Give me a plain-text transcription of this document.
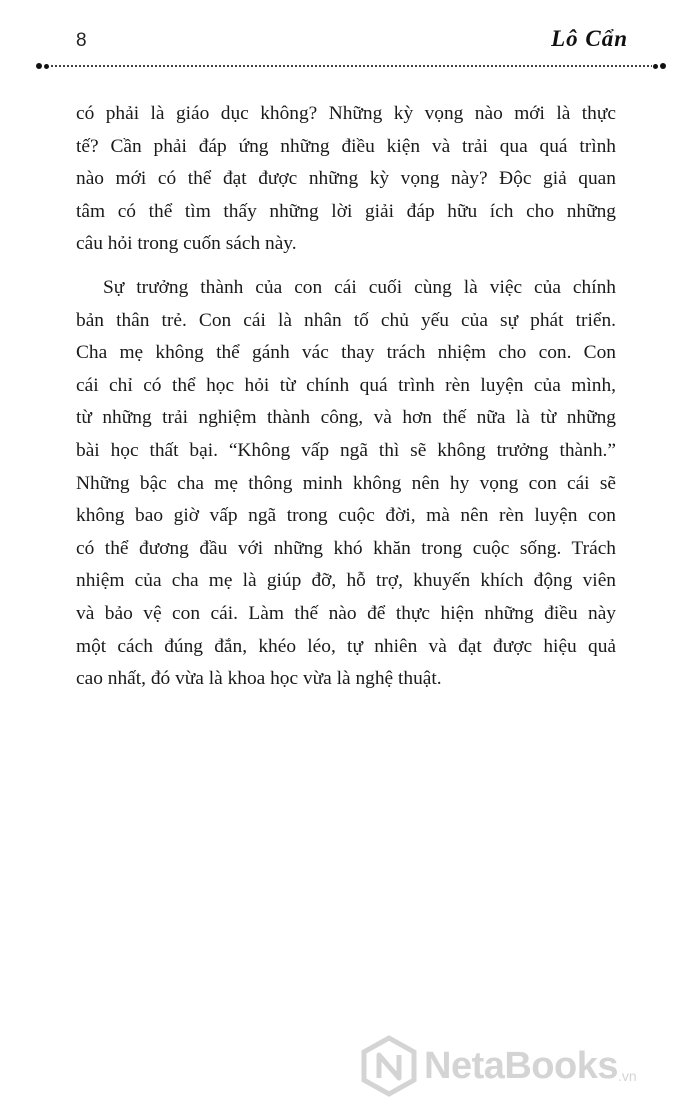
8	Lô Cẩn

có phải là giáo dục không? Những kỳ vọng nào mới là thực
tế? Cần phải đáp ứng những điều kiện và trải qua quá trình
nào mới có thể đạt được những kỳ vọng này? Độc giả quan
tâm có thể tìm thấy những lời giải đáp hữu ích cho những
câu hỏi trong cuốn sách này.

Sự trưởng thành của con cái cuối cùng là việc của chính
bản thân trẻ. Con cái là nhân tố chủ yếu của sự phát triển.
Cha mẹ không thể gánh vác thay trách nhiệm cho con. Con
cái chỉ có thể học hỏi từ chính quá trình rèn luyện của mình,
từ những trải nghiệm thành công, và hơn thế nữa là từ những
bài học thất bại. “Không vấp ngã thì sẽ không trưởng thành.”
Những bậc cha mẹ thông minh không nên hy vọng con cái sẽ
không bao giờ vấp ngã trong cuộc đời, mà nên rèn luyện con
có thể đương đầu với những khó khăn trong cuộc sống. Trách
nhiệm của cha mẹ là giúp đỡ, hỗ trợ, khuyến khích động viên
và bảo vệ con cái. Làm thế nào để thực hiện những điều này
một cách đúng đắn, khéo léo, tự nhiên và đạt được hiệu quả
cao nhất, đó vừa là khoa học vừa là nghệ thuật.

NetaBooks .vn
